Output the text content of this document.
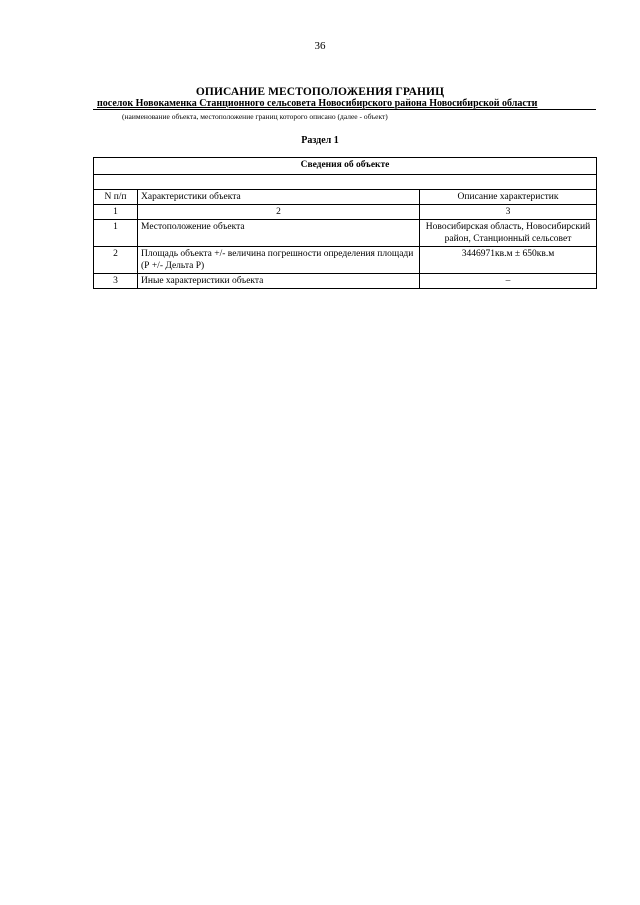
36
ОПИСАНИЕ МЕСТОПОЛОЖЕНИЯ ГРАНИЦ
поселок Новокаменка Станционного сельсовета Новосибирского района Новосибирской области
(наименование объекта, местоположение границ которого описано (далее - объект)
Раздел 1
Сведения об объекте		

N п/п	Характеристики объекта	Описание характеристик
1	2	3
1	Местоположение объекта	Новосибирская область, Новосибирский район, Станционный сельсовет
2	Площадь объекта +/- величина погрешности определения площади (Р +/- Дельта Р)	3446971кв.м ± 650кв.м
3	Иные характеристики объекта	–
